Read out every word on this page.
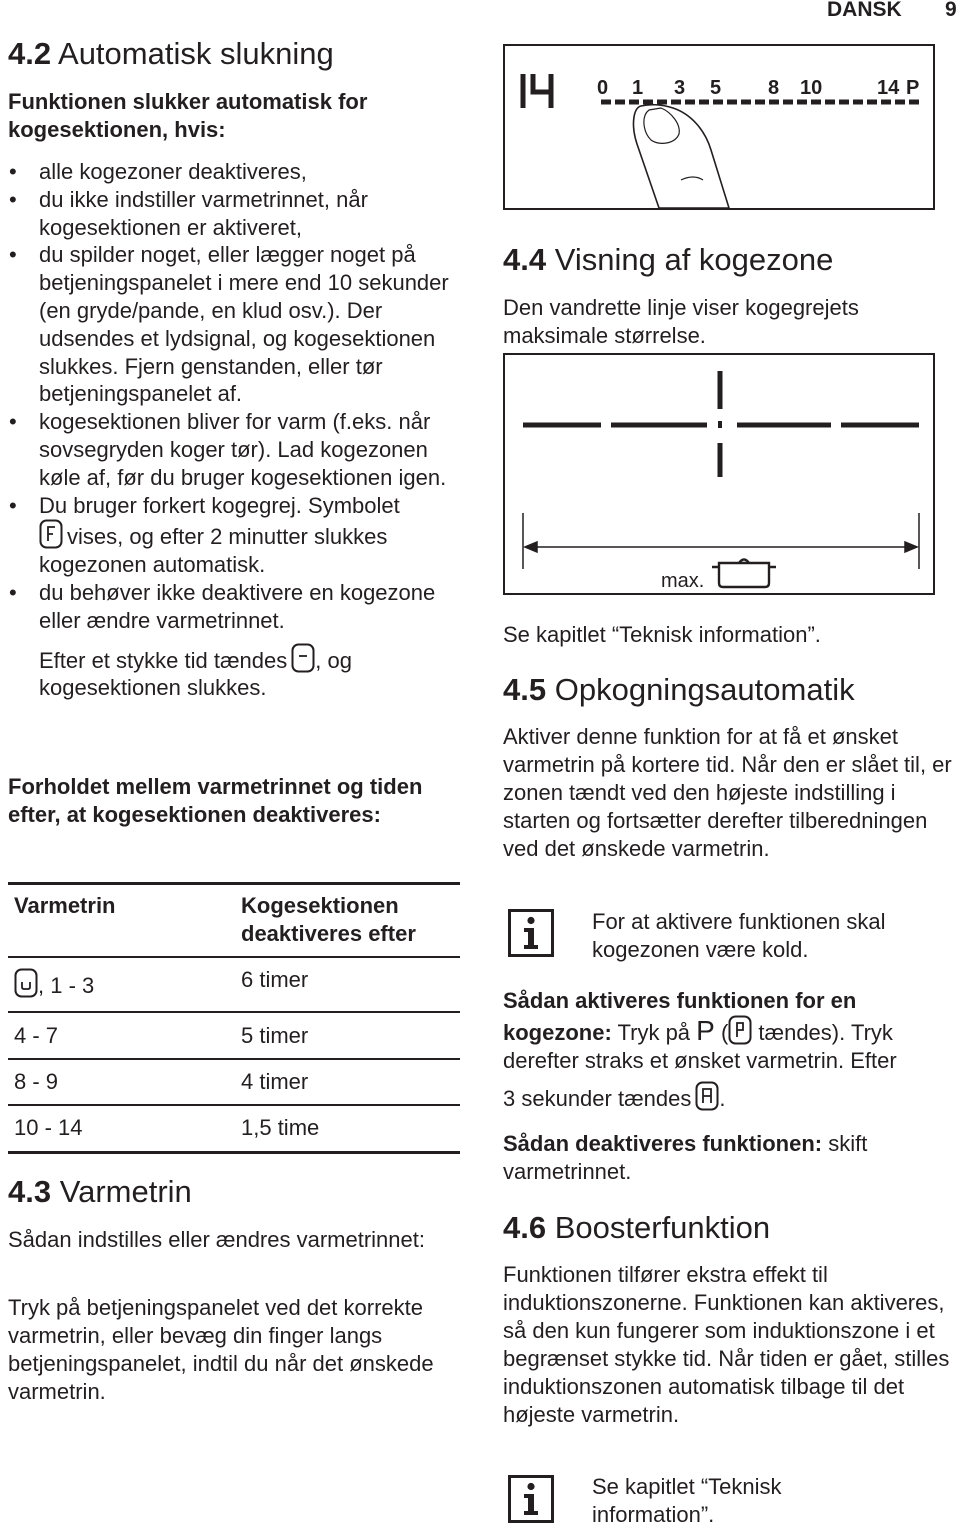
DANSK 9
4.2 Automatisk slukning
Funktionen slukker automatisk for kogesektionen, hvis:
• alle kogezoner deaktiveres,
• du ikke indstiller varmetrinnet, når kogesektionen er aktiveret,
• du spilder noget, eller lægger noget på betjeningspanelet i mere end 10 sekunder (en gryde/pande, en klud osv.). Der udsendes et lydsignal, og kogesektionen slukkes. Fjern genstanden, eller tør betjeningspanelet af.
• kogesektionen bliver for varm (f.eks. når sovsegryden koger tør). Lad kogezonen køle af, før du bruger kogesektionen igen.
• Du bruger forkert kogegrej. Symbolet

vises, og efter 2 minutter slukkes kogezonen automatisk.
• du behøver ikke deaktivere en kogezone eller ændre varmetrinnet.
Efter et stykke tid tændes , og kogesektionen slukkes.
Forholdet mellem varmetrinnet og tiden efter, at kogesektionen deaktiveres:
Varmetrin	Kogesektionen deaktiveres efter
, 1 - 3	6 timer
4 - 7	5 timer
8 - 9	4 timer
10 - 14	1,5 time
4.3 Varmetrin
Sådan indstilles eller ændres varmetrinnet:
Tryk på betjeningspanelet ved det korrekte varmetrin, eller bevæg din finger langs betjeningspanelet, indtil du når det ønskede varmetrin.
0 1 3 5 8 10	14 P
4.4 Visning af kogezone
Den vandrette linje viser kogegrejets maksimale størrelse.
max.
Se kapitlet “Teknisk information”.
4.5 Opkogningsautomatik
Aktiver denne funktion for at få et ønsket varmetrin på kortere tid. Når den er slået til, er zonen tændt ved den højeste indstilling i starten og fortsætter derefter tilberedningen ved det ønskede varmetrin.
For at aktivere funktionen skal kogezonen være kold.
Sådan aktiveres funktionen for en kogezone: Tryk på P (
tændes). Tryk derefter straks et ønsket varmetrin. Efter
3 sekunder tændes .
Sådan deaktiveres funktionen: skift varmetrinnet.
4.6 Boosterfunktion
Funktionen tilfører ekstra effekt til induktionszonerne. Funktionen kan aktiveres, så den kun fungerer som induktionszone i et begrænset stykke tid. Når tiden er gået, stilles induktionszonen automatisk tilbage til det højeste varmetrin.
Se kapitlet “Teknisk information”.
